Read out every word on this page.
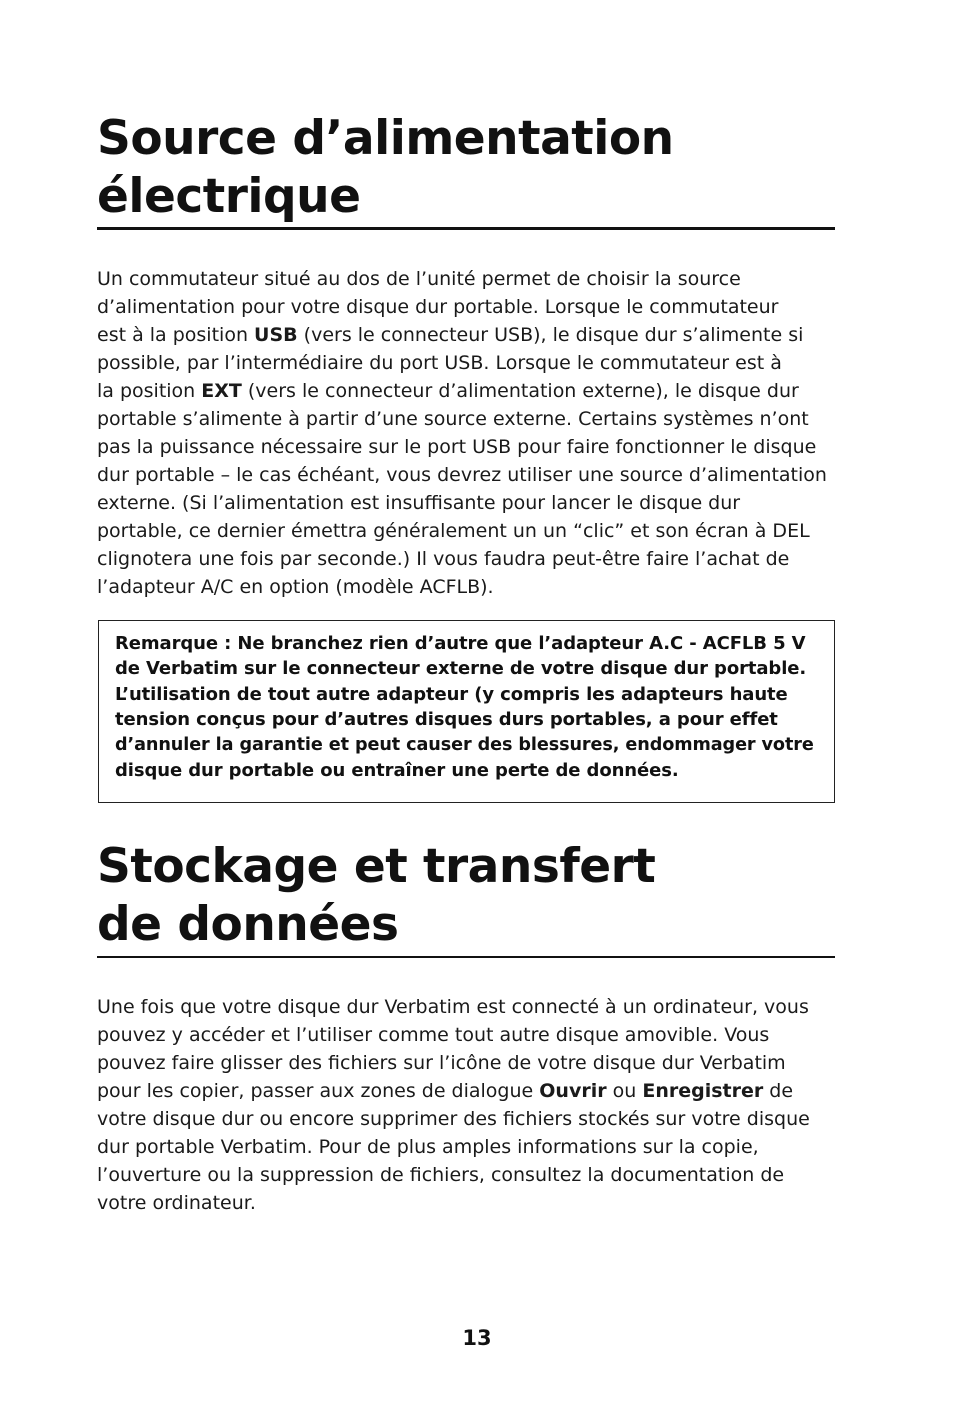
Source d’alimentation
électrique
Un commutateur situé au dos de l’unité permet de choisir la source
d’alimentation pour votre disque dur portable. Lorsque le commutateur
est à la position USB (vers le connecteur USB), le disque dur s’alimente si
possible, par l’intermédiaire du port USB. Lorsque le commutateur est à
la position EXT (vers le connecteur d’alimentation externe), le disque dur
portable s’alimente à partir d’une source externe. Certains systèmes n’ont
pas la puissance nécessaire sur le port USB pour faire fonctionner le disque
dur portable – le cas échéant, vous devrez utiliser une source d’alimentation
externe. (Si l’alimentation est insuffisante pour lancer le disque dur
portable, ce dernier émettra généralement un un “clic” et son écran à DEL
clignotera une fois par seconde.) Il vous faudra peut-être faire l’achat de
l’adapteur A/C en option (modèle ACFLB).
Remarque : Ne branchez rien d’autre que l’adapteur A.C - ACFLB 5 V
de Verbatim sur le connecteur externe de votre disque dur portable.
L’utilisation de tout autre adapteur (y compris les adapteurs haute
tension conçus pour d’autres disques durs portables, a pour effet
d’annuler la garantie et peut causer des blessures, endommager votre
disque dur portable ou entraîner une perte de données.
Stockage et transfert
de données
Une fois que votre disque dur Verbatim est connecté à un ordinateur, vous
pouvez y accéder et l’utiliser comme tout autre disque amovible. Vous
pouvez faire glisser des fichiers sur l’icône de votre disque dur Verbatim
pour les copier, passer aux zones de dialogue Ouvrir ou Enregistrer de
votre disque dur ou encore supprimer des fichiers stockés sur votre disque
dur portable Verbatim. Pour de plus amples informations sur la copie,
l’ouverture ou la suppression de fichiers, consultez la documentation de
votre ordinateur.
13
